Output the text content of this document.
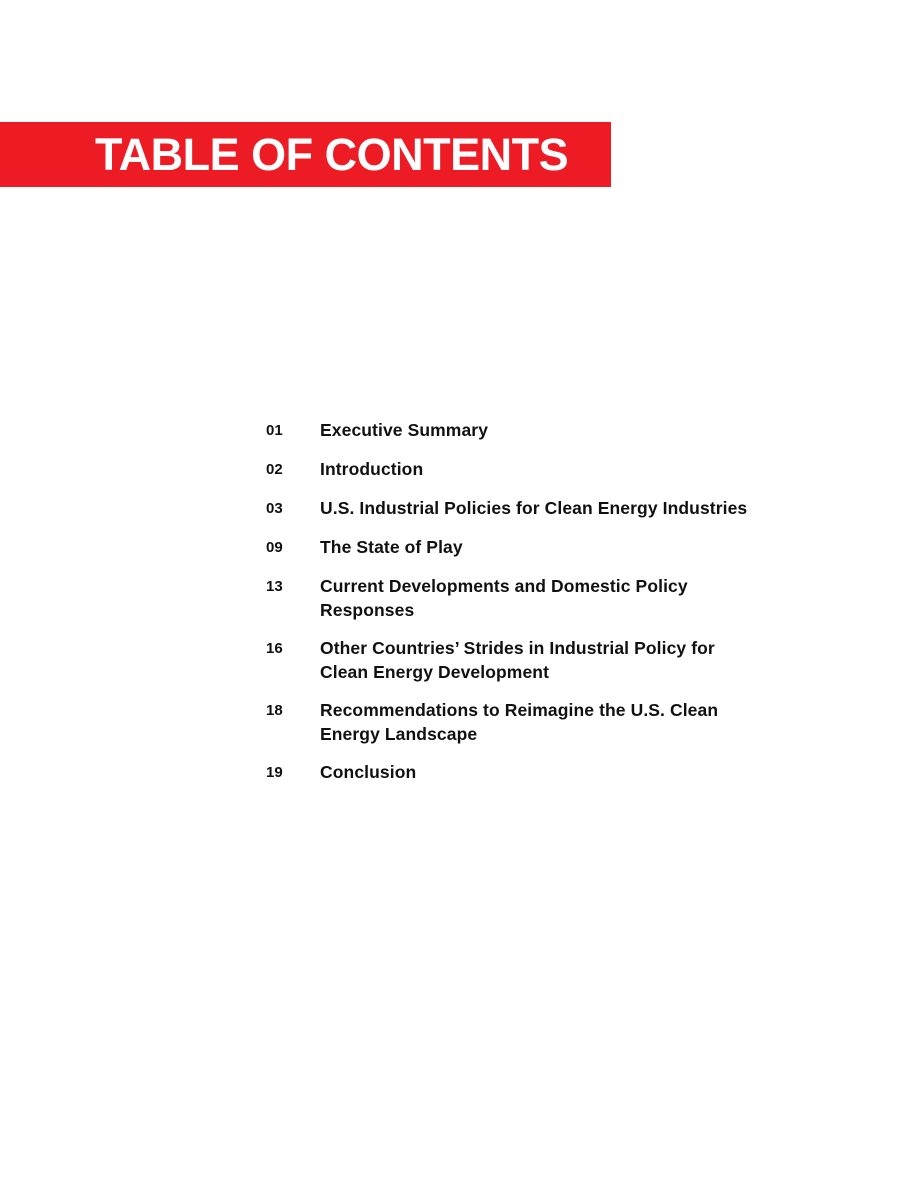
TABLE OF CONTENTS
01	Executive Summary
02	Introduction
03	U.S. Industrial Policies for Clean Energy Industries
09	The State of Play
13	Current Developments and Domestic Policy Responses
16	Other Countries’ Strides in Industrial Policy for Clean Energy Development
18	Recommendations to Reimagine the U.S. Clean Energy Landscape
19	Conclusion
